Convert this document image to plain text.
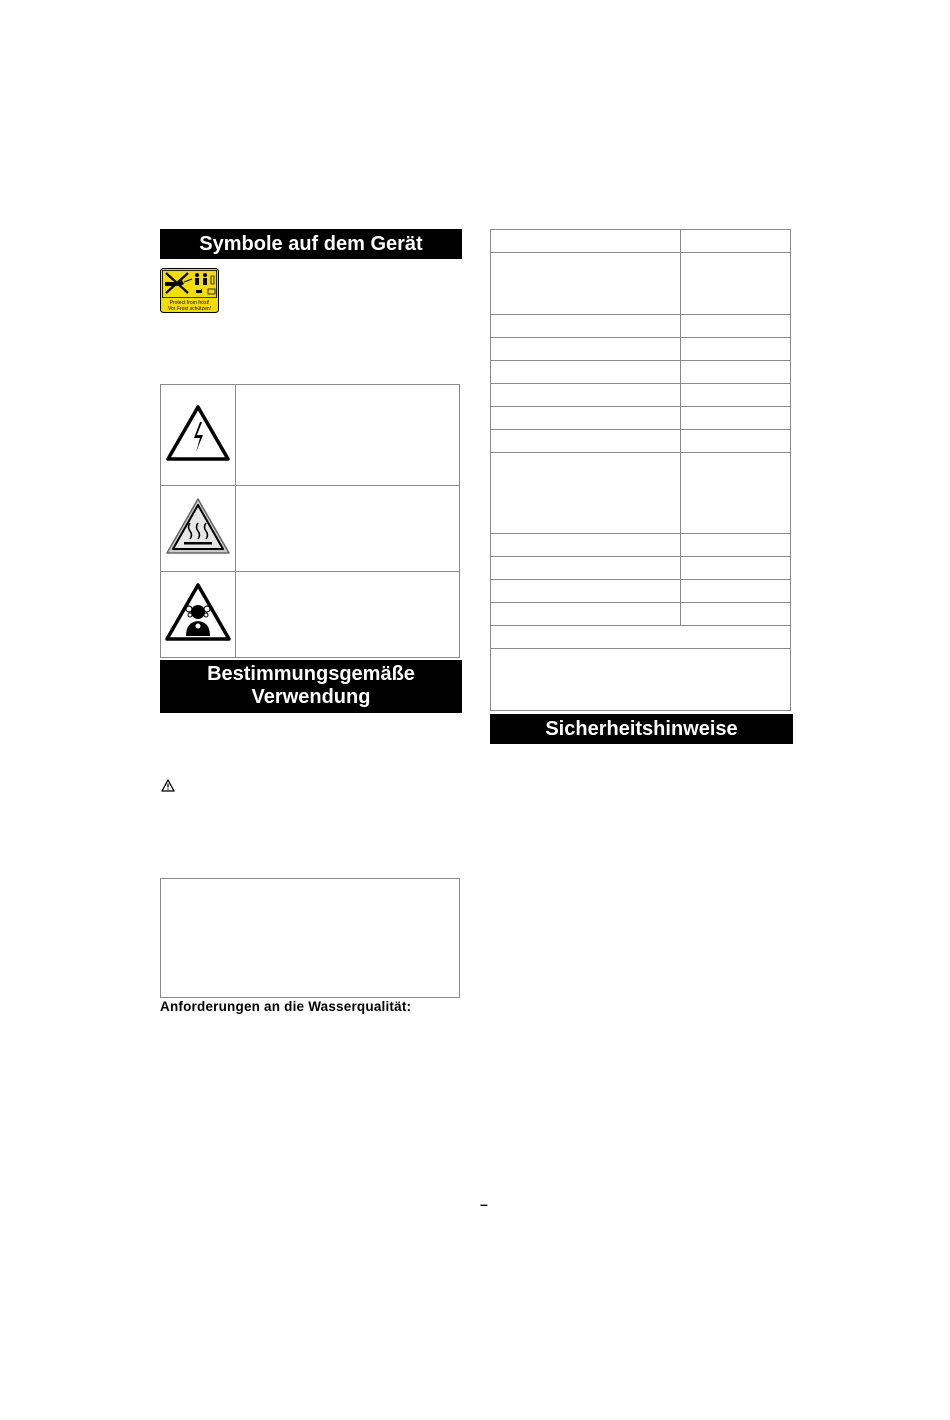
Symbole auf dem Gerät
Protect from frost!
Vor Frost schützen!

Bestimmungsgemäße
Verwendung
Anforderungen an die Wasserqualität:

Sicherheitshinweise
–
